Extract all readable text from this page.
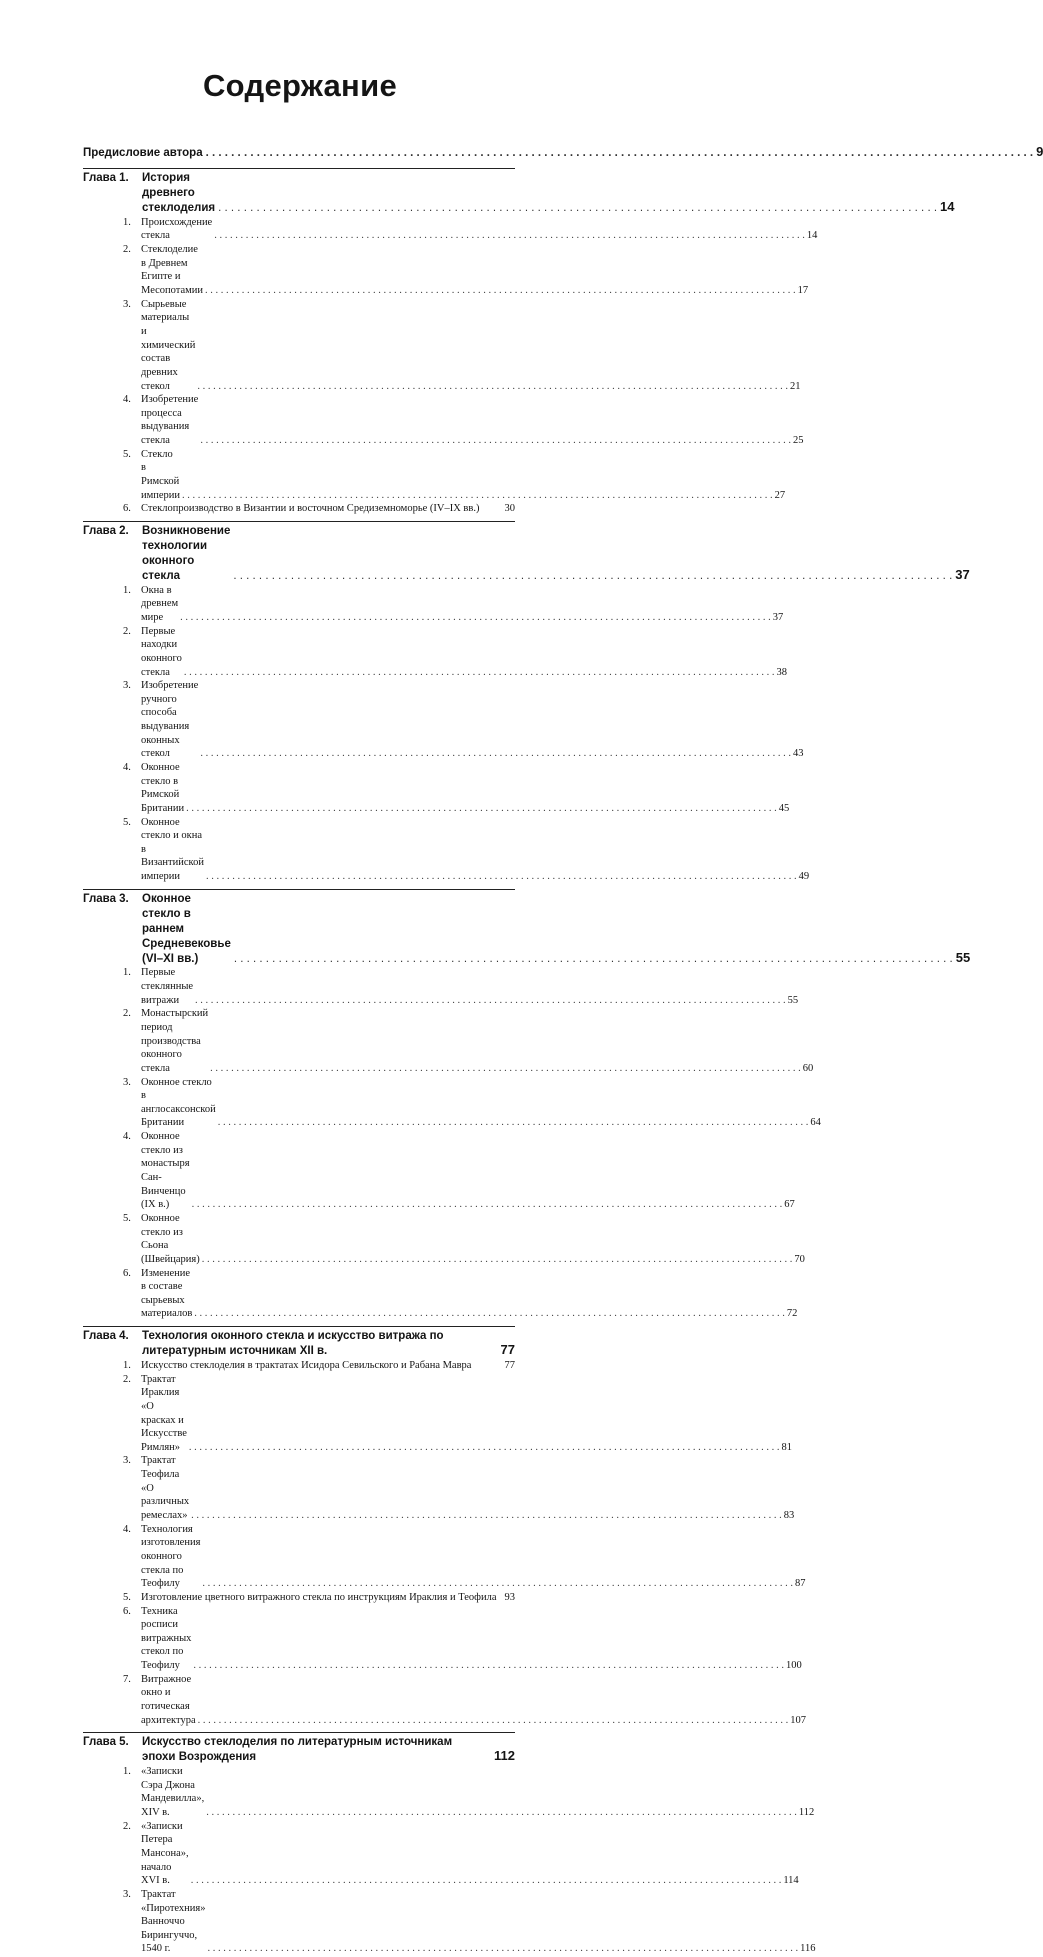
Содержание
Предисловие автора . . .	9
Глава 1.	История древнего стеклоделия . . .	14
1. Происхождение стекла . . .	14
2. Стеклоделие в Древнем Египте и Месопотамии . . .	17
3. Сырьевые материалы и химический состав древних стекол . . .	21
4. Изобретение процесса выдувания стекла . . .	25
5. Стекло в Римской империи . . .	27
6. Стеклопроизводство в Византии и восточном Средиземноморье (IV–IX вв.)	30
Глава 2.	Возникновение технологии оконного стекла . . .	37
1. Окна в древнем мире . . .	37
2. Первые находки оконного стекла . . .	38
3. Изобретение ручного способа выдувания оконных стекол . . .	43
4. Оконное стекло в Римской Британии . . .	45
5. Оконное стекло и окна в Византийской империи . . .	49
Глава 3.	Оконное стекло в раннем Средневековье (VI–XI вв.) . . .	55
1. Первые стеклянные витражи . . .	55
2. Монастырский период производства оконного стекла . . .	60
3. Оконное стекло в англосаксонской Британии . . .	64
4. Оконное стекло из монастыря Сан-Винченцо (IX в.) . . .	67
5. Оконное стекло из Сьона (Швейцария) . . .	70
6. Изменение в составе сырьевых материалов . . .	72
Глава 4.	Технология оконного стекла и искусство витража по литературным источникам XII в.	77
1. Искусство стеклоделия в трактатах Исидора Севильского и Рабана Мавра	77
2. Трактат Ираклия «О красках и Искусстве Римлян» . . .	81
3. Трактат Теофила «О различных ремеслах» . . .	83
4. Технология изготовления оконного стекла по Теофилу . . .	87
5. Изготовление цветного витражного стекла по инструкциям Ираклия и Теофила 93
6. Техника росписи витражных стекол по Теофилу . . .	100
7. Витражное окно и готическая архитектура . . .	107
Глава 5.	Искусство стеклоделия по литературным источникам эпохи Возрождения	112
1. «Записки Сэра Джона Мандевилла», XIV в. . . .	112
2. «Записки Петера Мансона», начало XVI в. . . .	114
3. Трактат «Пиротехния» Ванноччо Бирингуччо, 1540 г. . . .	116
